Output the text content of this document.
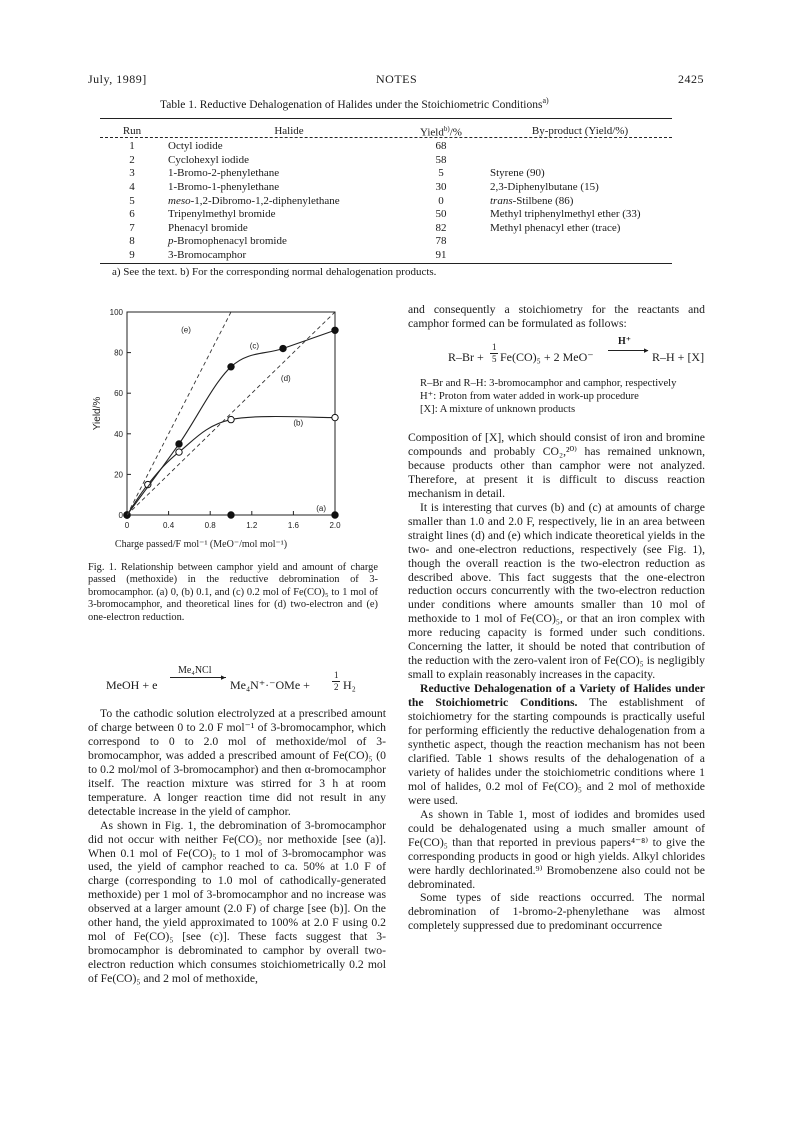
July, 1989]	NOTES	2425
Table 1. Reductive Dehalogenation of Halides under the Stoichiometric Conditions$^{a)}$
Run	Halide	Yield$^{b)}$/%	By-product (Yield/%)
1	Octyl iodide	68	
2	Cyclohexyl iodide	58	
3	1-Bromo-2-phenylethane	5	Styrene (90)
4	1-Bromo-1-phenylethane	30	2,3-Diphenylbutane (15)
5	meso-1,2-Dibromo-1,2-diphenylethane	0	trans-Stilbene (86)
6	Tripenylmethyl bromide	50	Methyl triphenylmethyl ether (33)
7	Phenacyl bromide	82	Methyl phenacyl ether (trace)
8	p-Bromophenacyl bromide	78	
9	3-Bromocamphor	91	
a) See the text. b) For the corresponding normal dehalogenation products.
0	0.4	0.8	1.2	1.6	2.0
0
20
40
60
80
100
Yield/%
Charge passed/F mol⁻¹ (MeO⁻/mol mol⁻¹)
(a)
(b)
(c)
(d)
(e)
Fig. 1. Relationship between camphor yield and amount of charge passed (methoxide) in the reductive debromination of 3-bromocamphor. (a) 0, (b) 0.1, and (c) 0.2 mol of Fe(CO)₅ to 1 mol of 3-bromocamphor, and theoretical lines for (d) two-electron and (e) one-electron reduction.
MeOH + e
Me₄NCl
▸
Me₄N⁺·⁻OMe +
1
2 H₂

To the cathodic solution electrolyzed at a prescribed amount of charge between 0 to 2.0 F mol⁻¹ of 3-bromocamphor, which correspond to 0 to 2.0 mol of methoxide/mol of 3-bromocamphor, was added a prescribed amount of Fe(CO)₅ (0 to 0.2 mol/mol of 3-bromocamphor) and then α-bromocamphor itself. The reaction mixture was stirred for 3 h at room temperature. A longer reaction time did not result in any detectable increase in the yield of camphor.

As shown in Fig. 1, the debromination of 3-bromocamphor did not occur with neither Fe(CO)₅ nor methoxide [see (a)]. When 0.1 mol of Fe(CO)₅ to 1 mol of 3-bromocamphor was used, the yield of camphor reached to ca. 50% at 1.0 F of charge (corresponding to 1.0 mol of cathodically-generated methoxide) per 1 mol of 3-bromocamphor and no increase was observed at a larger amount (2.0 F) of charge [see (b)]. On the other hand, the yield approximated to 100% at 2.0 F using 0.2 mol of Fe(CO)₅ [see (c)]. These facts suggest that 3-bromocamphor is debrominated to camphor by overall two-electron reduction which consumes stoichiometrically 0.2 mol of Fe(CO)₅ and 2 mol of methoxide,

and consequently a stoichiometry for the reactants and camphor formed can be formulated as follows:

R–Br +
1
5 Fe(CO)₅ + 2 MeO⁻
H⁺
▸ R–H + [X]
R–Br and R–H: 3-bromocamphor and camphor, respectively
H⁺: Proton from water added in work-up procedure
[X]: A mixture of unknown products

Composition of [X], which should consist of iron and bromine compounds and probably CO₂,²⁰⁾ has remained unknown, because products other than camphor were not analyzed. Therefore, at present it is difficult to discuss reaction mechanism in detail.

It is interesting that curves (b) and (c) at amounts of charge smaller than 1.0 and 2.0 F, respectively, lie in an area between straight lines (d) and (e) which indicate theoretical yields in the two- and one-electron reductions, respectively (see Fig. 1), though the overall reaction is the two-electron reduction as described above. This fact suggests that the one-electron reduction occurs concurrently with the two-electron reduction under conditions where amounts smaller than 10 mol of methoxide to 1 mol of Fe(CO)₅, or that an iron complex with more reducing capacity is formed under such conditions. Concerning the latter, it should be noted that contribution of the reduction with the zero-valent iron of Fe(CO)₅ is negligibly small to explain reasonably increases in the capacity.

Reductive Dehalogenation of a Variety of Halides under the Stoichiometric Conditions. The establishment of stoichiometry for the starting compounds is practically useful for performing efficiently the reductive dehalogenation from a synthetic aspect, though the reaction mechanism has not been clarified. Table 1 shows results of the dehalogenation of a variety of halides under the stoichiometric conditions where 1 mol of halides, 0.2 mol of Fe(CO)₅ and 2 mol of methoxide were used.

As shown in Table 1, most of iodides and bromides used could be dehalogenated using a much smaller amount of Fe(CO)₅ than that reported in previous papers⁴⁻⁸⁾ to give the corresponding products in good or high yields. Alkyl chlorides were hardly dechlorinated.⁹⁾ Bromobenzene also could not be debrominated.

Some types of side reactions occurred. The normal debromination of 1-bromo-2-phenylethane was almost completely suppressed due to predominant occurrence
